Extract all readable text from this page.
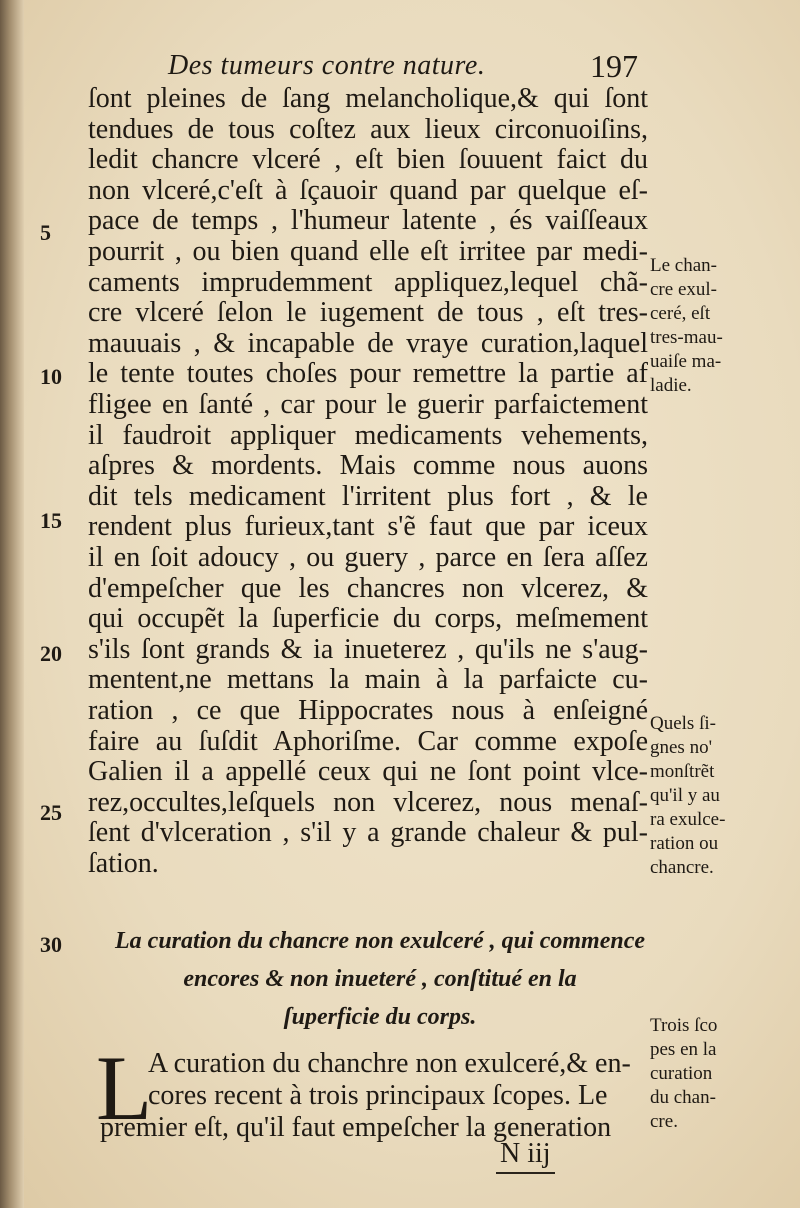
Des tumeurs contre nature.	197
ſont pleines de ſang melancholique,& qui ſont
tendues de tous coſtez aux lieux circonuoiſins,
ledit chancre vlceré , eſt bien ſouuent faict du
non vlceré,c'eſt à ſçauoir quand par quelque eſ-
pace de temps , l'humeur latente , és vaiſſeaux
pourrit , ou bien quand elle eſt irritee par medi-
caments imprudemment appliquez,lequel chã-
cre vlceré ſelon le iugement de tous , eſt tres-
mauuais , & incapable de vraye curation,laquel
le tente toutes choſes pour remettre la partie af
fligee en ſanté , car pour le guerir parfaictement
il faudroit appliquer medicaments vehements,
aſpres & mordents. Mais comme nous auons
dit tels medicament l'irritent plus fort , & le
rendent plus furieux,tant s'ẽ faut que par iceux
il en ſoit adoucy , ou guery , parce en ſera aſſez
d'empeſcher que les chancres non vlcerez, &
qui occupẽt la ſuperficie du corps, meſmement
s'ils ſont grands & ia inueterez , qu'ils ne s'aug-
mentent,ne mettans la main à la parfaicte cu-
ration , ce que Hippocrates nous à enſeigné
faire au ſuſdit Aphoriſme. Car comme expoſe
Galien il a appellé ceux qui ne ſont point vlce-
rez,occultes,leſquels non vlcerez, nous menaſ-
ſent d'vlceration , s'il y a grande chaleur & pul-
ſation.
5
10
15
20
25
30
Le chan-
cre exul-
ceré, eſt
tres-mau-
uaiſe ma-
ladie.
Quels ſi-
gnes no'
monſtrẽt
qu'il y au
ra exulce-
ration ou
chancre.
Trois ſco
pes en la
curation
du chan-
cre.
La curation du chancre non exulceré , qui commence
encores & non inueteré , conſtitué en la
ſuperficie du corps.
L
A curation du chanchre non exulceré,& en-
cores recent à trois principaux ſcopes. Le
premier eſt, qu'il faut empeſcher la generation
N iij
